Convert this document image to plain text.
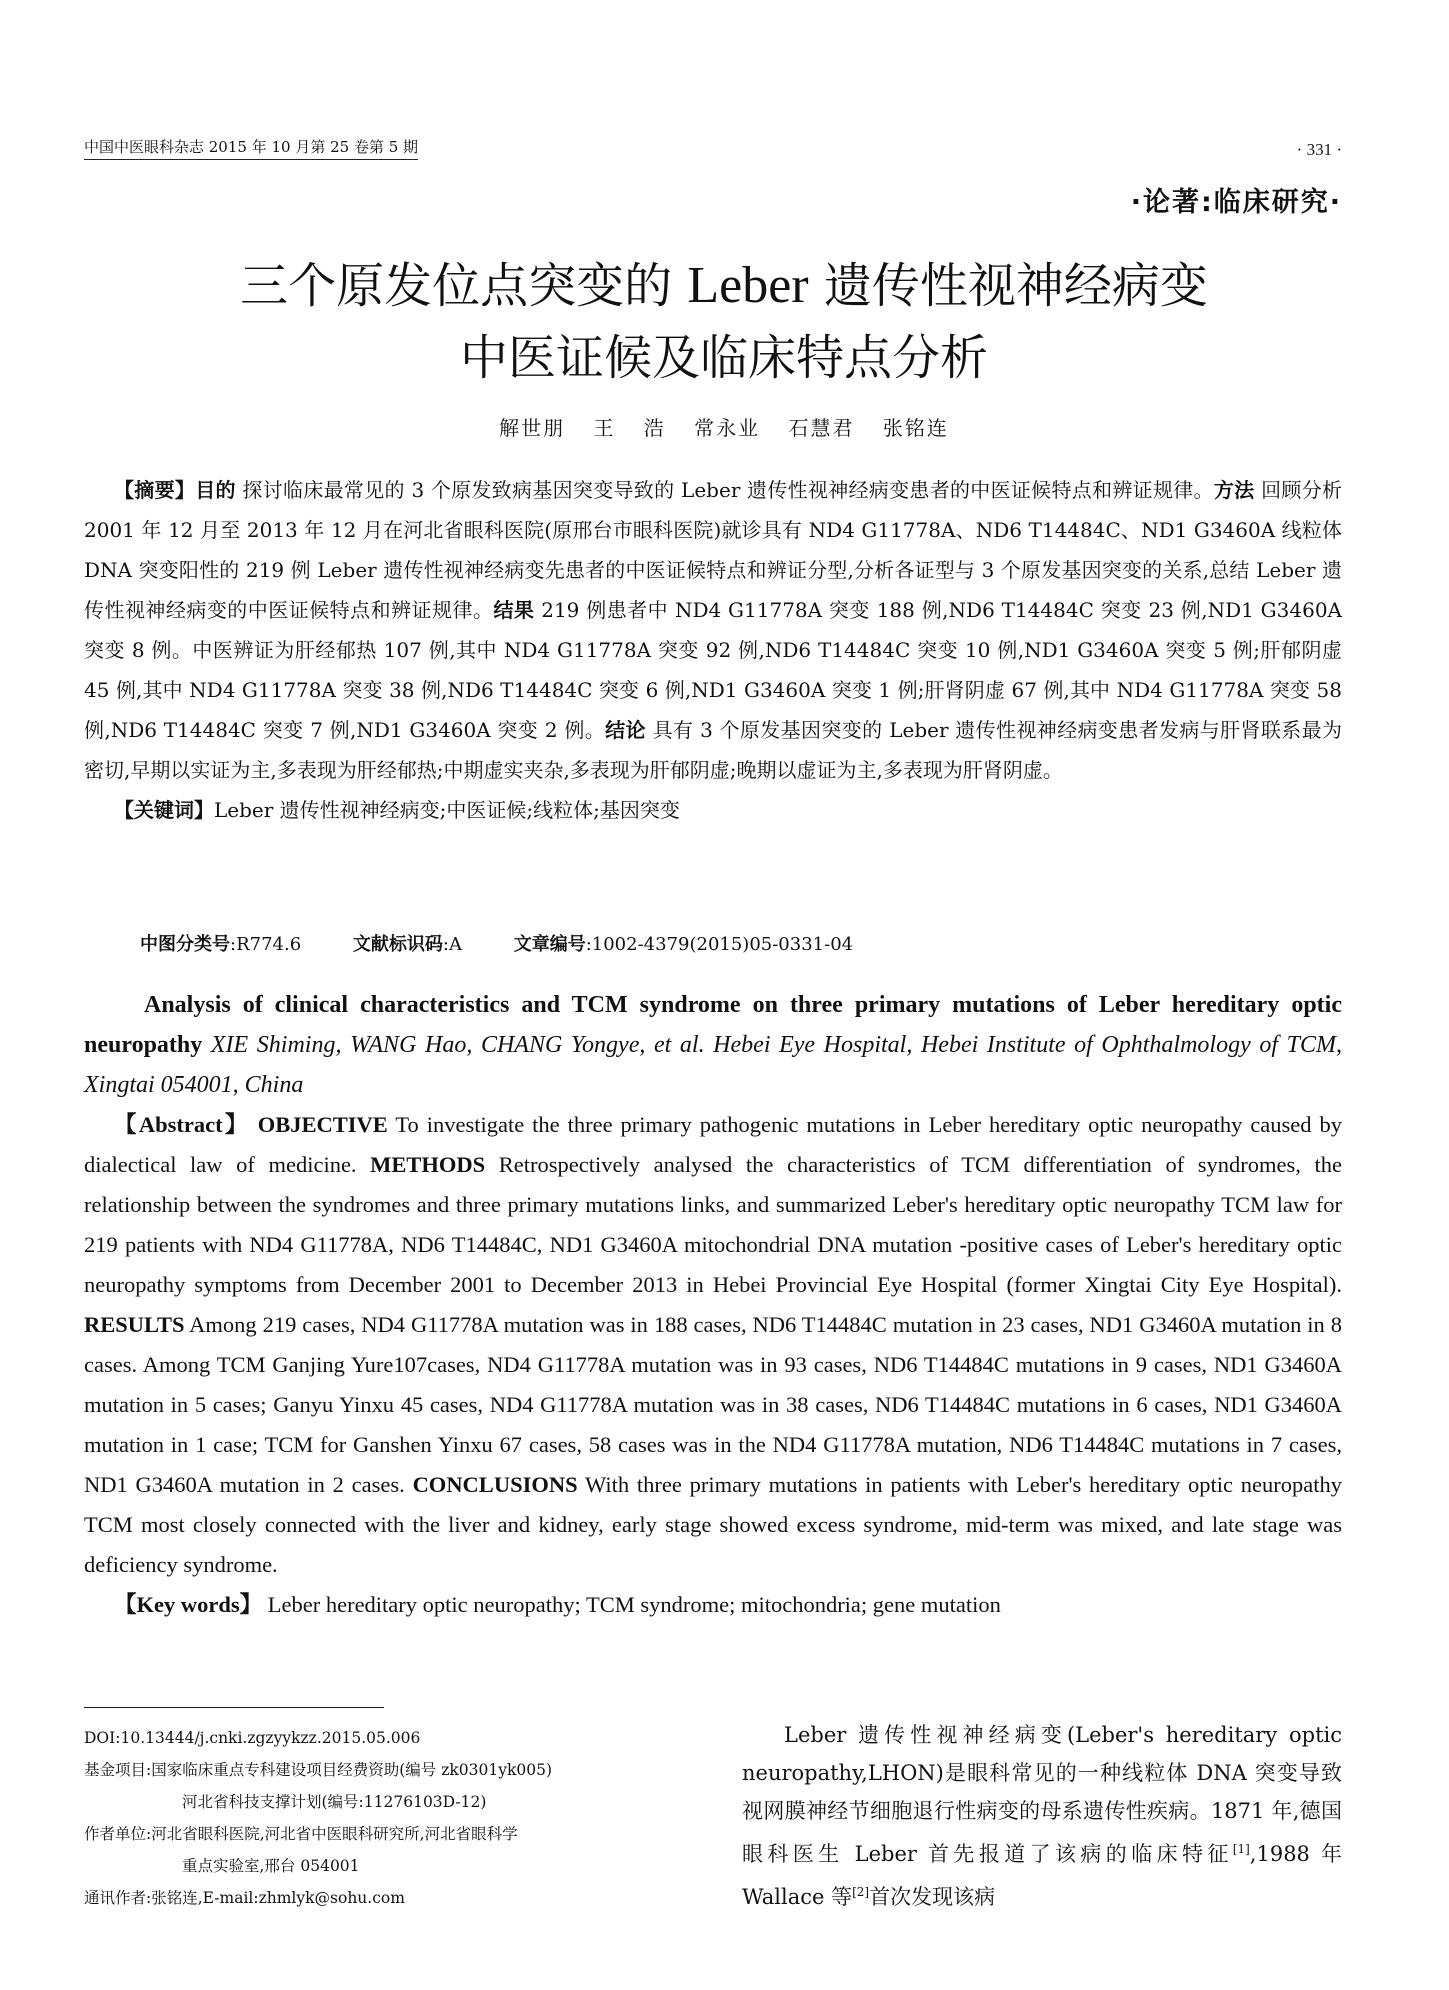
中国中医眼科杂志 2015 年 10 月第 25 卷第 5 期	· 331 ·
·论著:临床研究·
三个原发位点突变的 Leber 遗传性视神经病变
中医证候及临床特点分析
解世朋 王 浩 常永业 石慧君 张铭连

【摘要】目的 探讨临床最常见的 3 个原发致病基因突变导致的 Leber 遗传性视神经病变患者的中医证候特点和辨证规律。方法 回顾分析 2001 年 12 月至 2013 年 12 月在河北省眼科医院(原邢台市眼科医院)就诊具有 ND4 G11778A、ND6 T14484C、ND1 G3460A 线粒体 DNA 突变阳性的 219 例 Leber 遗传性视神经病变先患者的中医证候特点和辨证分型,分析各证型与 3 个原发基因突变的关系,总结 Leber 遗传性视神经病变的中医证候特点和辨证规律。结果 219 例患者中 ND4 G11778A 突变 188 例,ND6 T14484C 突变 23 例,ND1 G3460A 突变 8 例。中医辨证为肝经郁热 107 例,其中 ND4 G11778A 突变 92 例,ND6 T14484C 突变 10 例,ND1 G3460A 突变 5 例;肝郁阴虚 45 例,其中 ND4 G11778A 突变 38 例,ND6 T14484C 突变 6 例,ND1 G3460A 突变 1 例;肝肾阴虚 67 例,其中 ND4 G11778A 突变 58 例,ND6 T14484C 突变 7 例,ND1 G3460A 突变 2 例。结论 具有 3 个原发基因突变的 Leber 遗传性视神经病变患者发病与肝肾联系最为密切,早期以实证为主,多表现为肝经郁热;中期虚实夹杂,多表现为肝郁阴虚;晚期以虚证为主,多表现为肝肾阴虚。

【关键词】Leber 遗传性视神经病变;中医证候;线粒体;基因突变

中图分类号:R774.6	文献标识码:A	文章编号:1002-4379(2015)05-0331-04
Analysis of clinical characteristics and TCM syndrome on three primary mutations of Leber hereditary optic neuropathy XIE Shiming, WANG Hao, CHANG Yongye, et al. Hebei Eye Hospital, Hebei Institute of Ophthalmology of TCM, Xingtai 054001, China

【Abstract】 OBJECTIVE To investigate the three primary pathogenic mutations in Leber hereditary optic neuropathy caused by dialectical law of medicine. METHODS Retrospectively analysed the characteristics of TCM differentiation of syndromes, the relationship between the syndromes and three primary mutations links, and summarized Leber's hereditary optic neuropathy TCM law for 219 patients with ND4 G11778A, ND6 T14484C, ND1 G3460A mitochondrial DNA mutation -positive cases of Leber's hereditary optic neuropathy symptoms from December 2001 to December 2013 in Hebei Provincial Eye Hospital (former Xingtai City Eye Hospital). RESULTS Among 219 cases, ND4 G11778A mutation was in 188 cases, ND6 T14484C mutation in 23 cases, ND1 G3460A mutation in 8 cases. Among TCM Ganjing Yure107cases, ND4 G11778A mutation was in 93 cases, ND6 T14484C mutations in 9 cases, ND1 G3460A mutation in 5 cases; Ganyu Yinxu 45 cases, ND4 G11778A mutation was in 38 cases, ND6 T14484C mutations in 6 cases, ND1 G3460A mutation in 1 case; TCM for Ganshen Yinxu 67 cases, 58 cases was in the ND4 G11778A mutation, ND6 T14484C mutations in 7 cases, ND1 G3460A mutation in 2 cases. CONCLUSIONS With three primary mutations in patients with Leber's hereditary optic neuropathy TCM most closely connected with the liver and kidney, early stage showed excess syndrome, mid-term was mixed, and late stage was deficiency syndrome.

【Key words】 Leber hereditary optic neuropathy; TCM syndrome; mitochondria; gene mutation

DOI:10.13444/j.cnki.zgzyykzz.2015.05.006
基金项目:国家临床重点专科建设项目经费资助(编号 zk0301yk005)
河北省科技支撑计划(编号:11276103D-12)
作者单位:河北省眼科医院,河北省中医眼科研究所,河北省眼科学
重点实验室,邢台 054001
通讯作者:张铭连,E-mail:zhmlyk@sohu.com

Leber 遗传性视神经病变(Leber's hereditary optic neuropathy,LHON)是眼科常见的一种线粒体 DNA 突变导致视网膜神经节细胞退行性病变的母系遗传性疾病。1871 年,德国眼科医生 Leber 首先报道了该病的临床特征[1],1988 年 Wallace 等[2]首次发现该病
